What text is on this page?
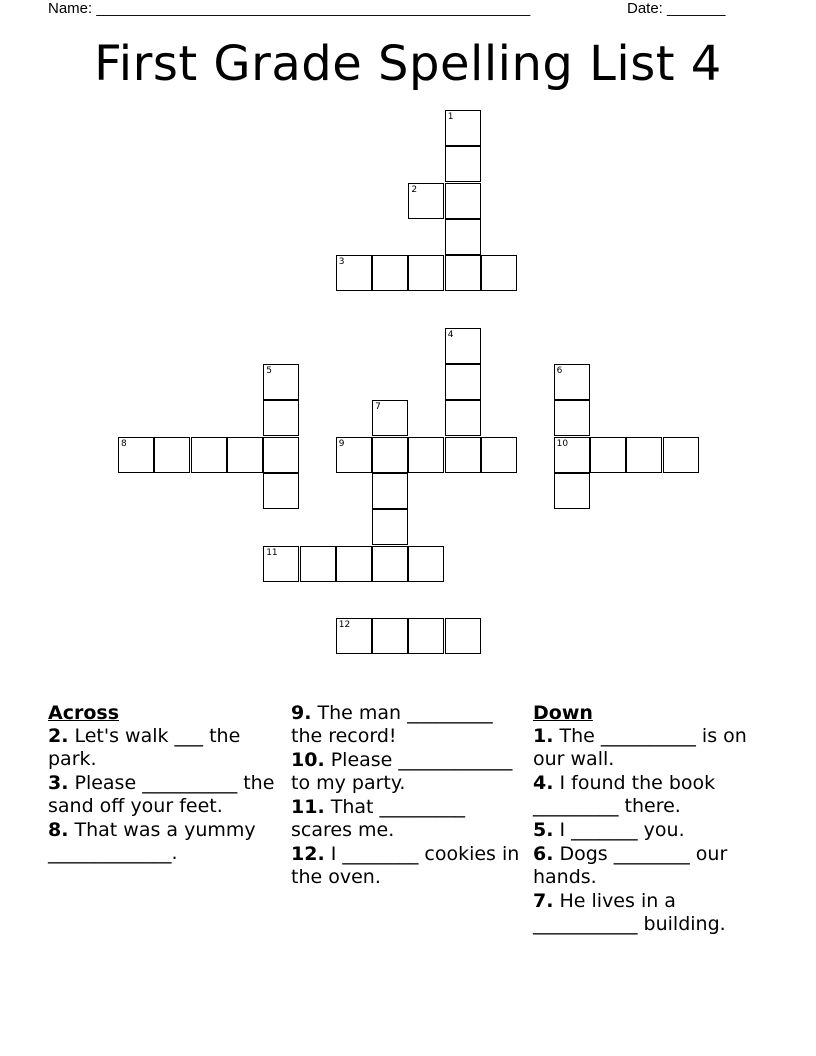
Name: ____________________________________________________	Date: _______
First Grade Spelling List 4
1
2
3
4
5	6
10
7
8	9
11
12
Across
2. Let's walk ___ the park.
3. Please __________ the sand off your feet.
8. That was a yummy _____________.
9. The man _________ the record!
10. Please ____________ to my party.
11. That _________ scares me.
12. I ________ cookies in the oven.
Down
1. The __________ is on our wall.
4. I found the book _________ there.
5. I _______ you.
6. Dogs ________ our hands.
7. He lives in a ___________ building.
